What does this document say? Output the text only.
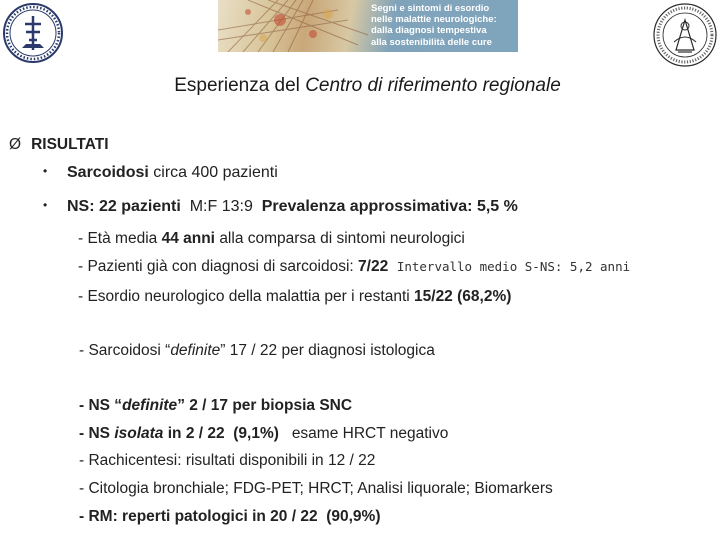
Segni e sintomi di esordio
nelle malattie neurologiche:
dalla diagnosi tempestiva
alla sostenibilità delle cure
Esperienza del Centro di riferimento regionale
Ø RISULTATI
• Sarcoidosi circa 400 pazienti
• NS: 22 pazienti M:F 13:9 Prevalenza approssimativa: 5,5 %
- Età media 44 anni alla comparsa di sintomi neurologici
- Pazienti già con diagnosi di sarcoidosi: 7/22 Intervallo medio S-NS: 5,2 anni
- Esordio neurologico della malattia per i restanti 15/22 (68,2%)
- Sarcoidosi “definite” 17 / 22 per diagnosi istologica
- NS “definite” 2 / 17 per biopsia SNC
- NS isolata in 2 / 22 (9,1%) esame HRCT negativo
- Rachicentesi: risultati disponibili in 12 / 22
- Citologia bronchiale; FDG-PET; HRCT; Analisi liquorale; Biomarkers
- RM: reperti patologici in 20 / 22 (90,9%)
